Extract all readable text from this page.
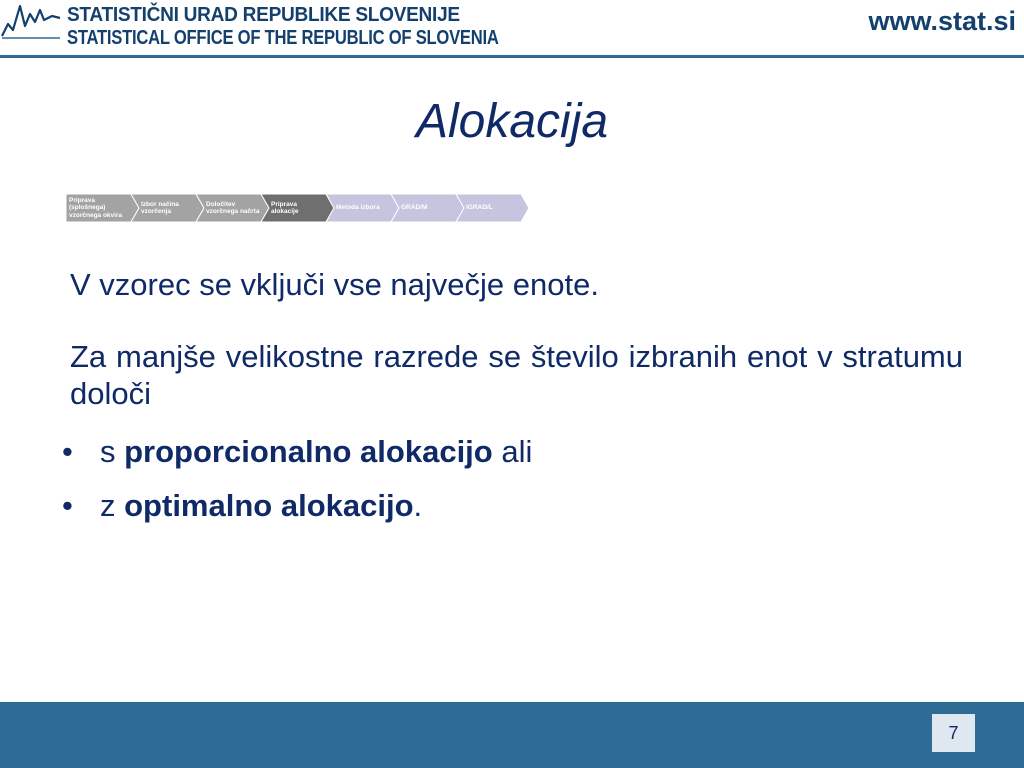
STATISTIČNI URAD REPUBLIKE SLOVENIJE
STATISTICAL OFFICE OF THE REPUBLIC OF SLOVENIA
www.stat.si
Alokacija
Priprava (splošnega) vzorčnega okvira
Izbor načina vzorčenja
Določitev vzorčnega načrta
Priprava alokacije
Metoda izbora	GRAD/M	IGRAD/L
V vzorec se vključi vse največje enote.
Za manjše velikostne razrede se število izbranih enot v stratumu določi
• s proporcionalno alokacijo ali
• z optimalno alokacijo.
7
